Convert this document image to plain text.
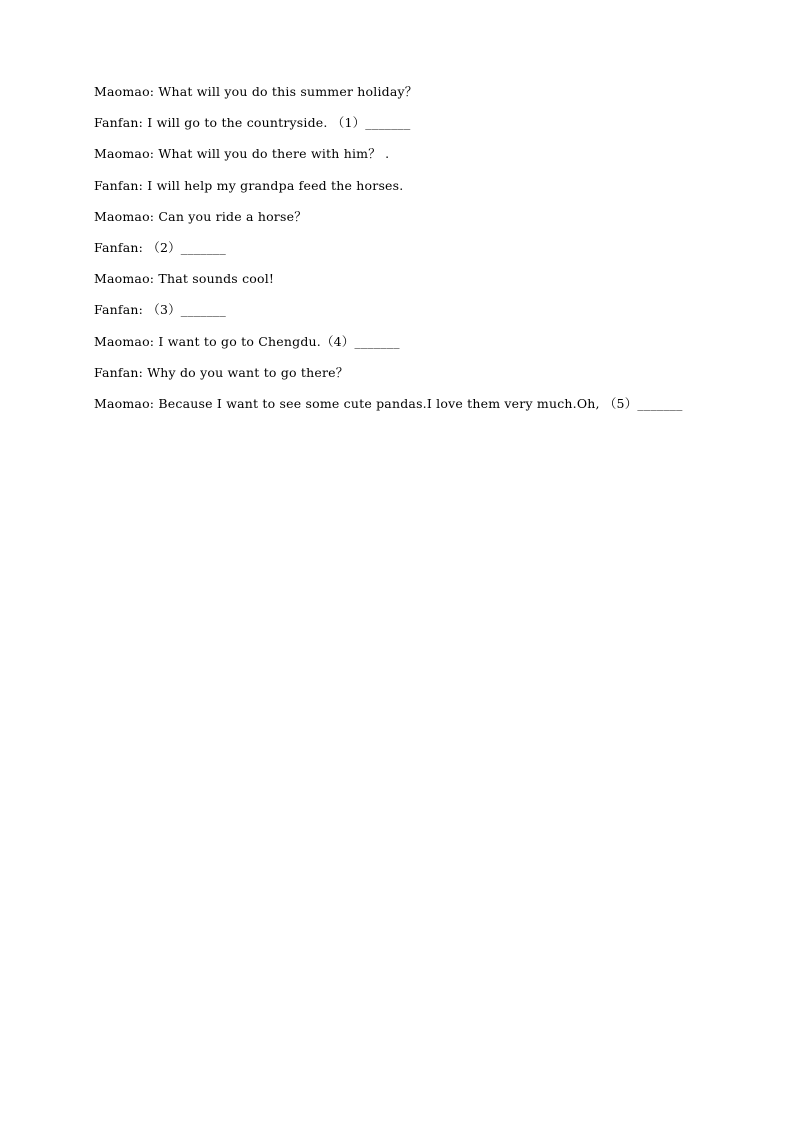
Maomao: What will you do this summer holiday？
Fanfan: I will go to the countryside. （1）_______
Maomao: What will you do there with him？ .
Fanfan: I will help my grandpa feed the horses.
Maomao: Can you ride a horse？
Fanfan: （2）_______
Maomao: That sounds cool!
Fanfan: （3）_______
Maomao: I want to go to Chengdu.（4）_______
Fanfan: Why do you want to go there？
Maomao: Because I want to see some cute pandas.I love them very much.Oh, （5）_______
